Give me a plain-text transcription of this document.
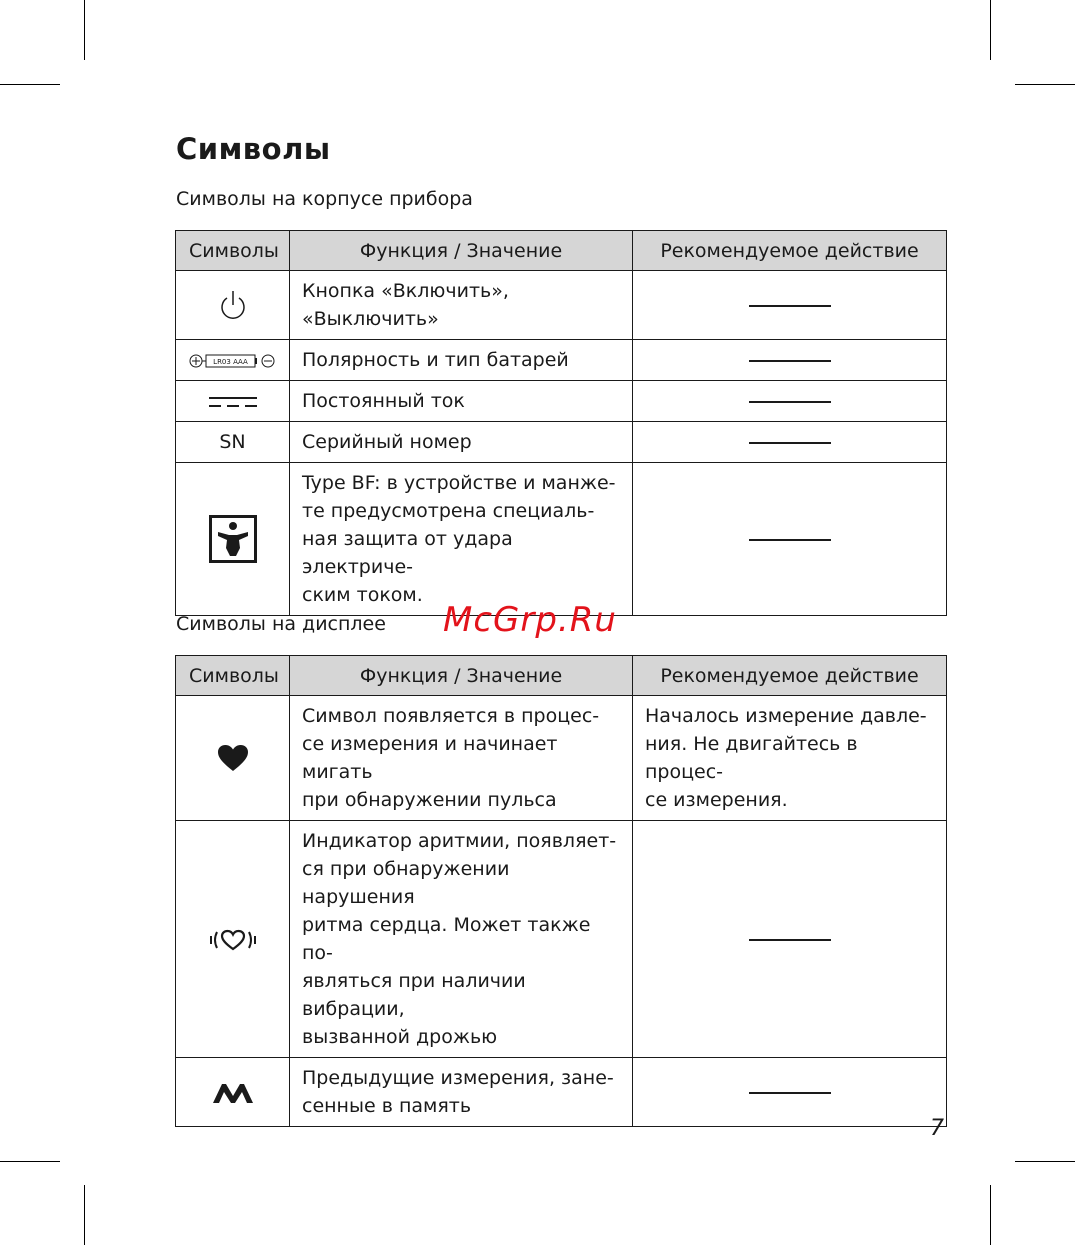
Символы

Символы на корпусе прибора

Символы	Функция / Значение	Рекомендуемое действие
	Кнопка «Включить», «Выключить»	

LR03 AAA	Полярность и тип батарей	
	Постоянный ток	
SN	Серийный номер	
	Type BF: в устройстве и манже-
те предусмотрена специаль-
ная защита от удара электриче-
ским током.	

Символы на дисплее McGrp.Ru
Символы	Функция / Значение	Рекомендуемое действие
	Символ появляется в процес-
се измерения и начинает мигать
при обнаружении пульса	Началось измерение давле-
ния. Не двигайтесь в процес-
се измерения.
	Индикатор аритмии, появляет-
ся при обнаружении нарушения
ритма сердца. Может также по-
являться при наличии вибрации,
вызванной дрожью	
	Предыдущие измерения, зане-
сенные в память	
7
